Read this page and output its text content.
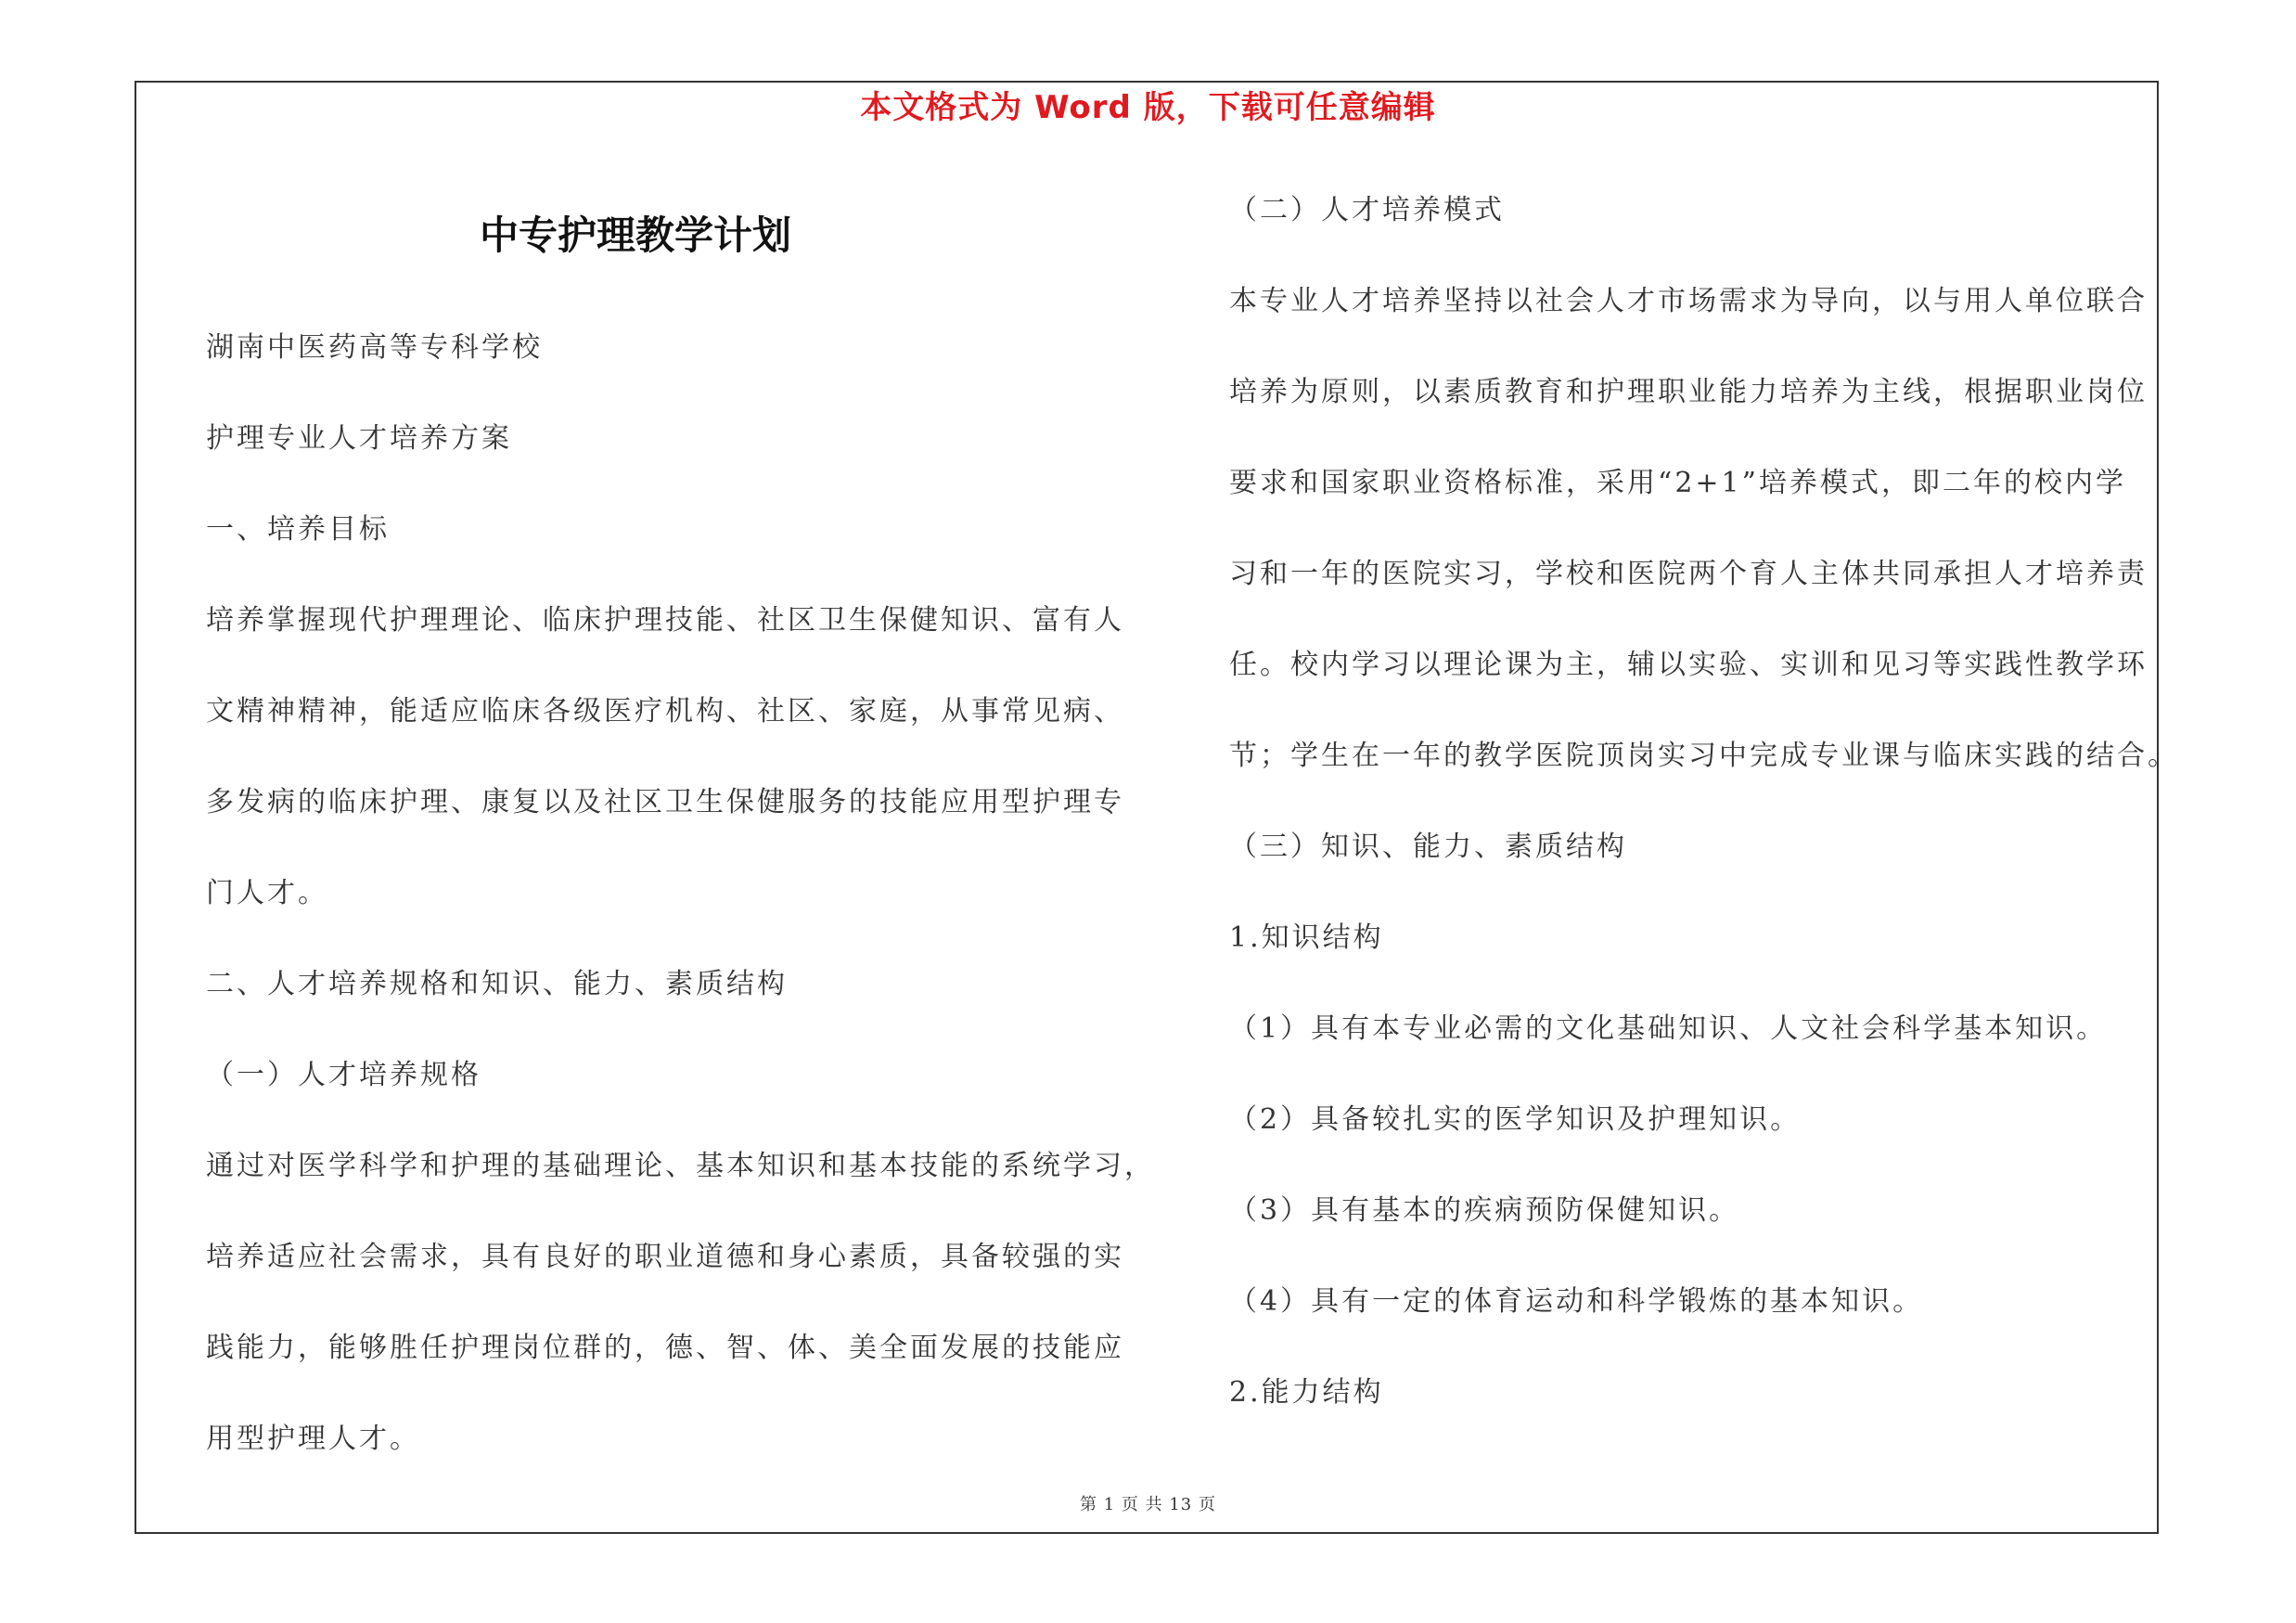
本文格式为 Word 版，下载可任意编辑
中专护理教学计划
湖南中医药高等专科学校
护理专业人才培养方案
一、培养目标
培养掌握现代护理理论、临床护理技能、社区卫生保健知识、富有人
文精神精神，能适应临床各级医疗机构、社区、家庭，从事常见病、
多发病的临床护理、康复以及社区卫生保健服务的技能应用型护理专
门人才。
二、人才培养规格和知识、能力、素质结构
（一）人才培养规格
通过对医学科学和护理的基础理论、基本知识和基本技能的系统学习，
培养适应社会需求，具有良好的职业道德和身心素质，具备较强的实
践能力，能够胜任护理岗位群的，德、智、体、美全面发展的技能应
用型护理人才。
（二）人才培养模式
本专业人才培养坚持以社会人才市场需求为导向，以与用人单位联合
培养为原则，以素质教育和护理职业能力培养为主线，根据职业岗位
要求和国家职业资格标准，采用“2+1”培养模式，即二年的校内学
习和一年的医院实习，学校和医院两个育人主体共同承担人才培养责
任。校内学习以理论课为主，辅以实验、实训和见习等实践性教学环
节；学生在一年的教学医院顶岗实习中完成专业课与临床实践的结合。
（三）知识、能力、素质结构
1.知识结构
（1）具有本专业必需的文化基础知识、人文社会科学基本知识。
（2）具备较扎实的医学知识及护理知识。
（3）具有基本的疾病预防保健知识。
（4）具有一定的体育运动和科学锻炼的基本知识。
2.能力结构
第 1 页 共 13 页
